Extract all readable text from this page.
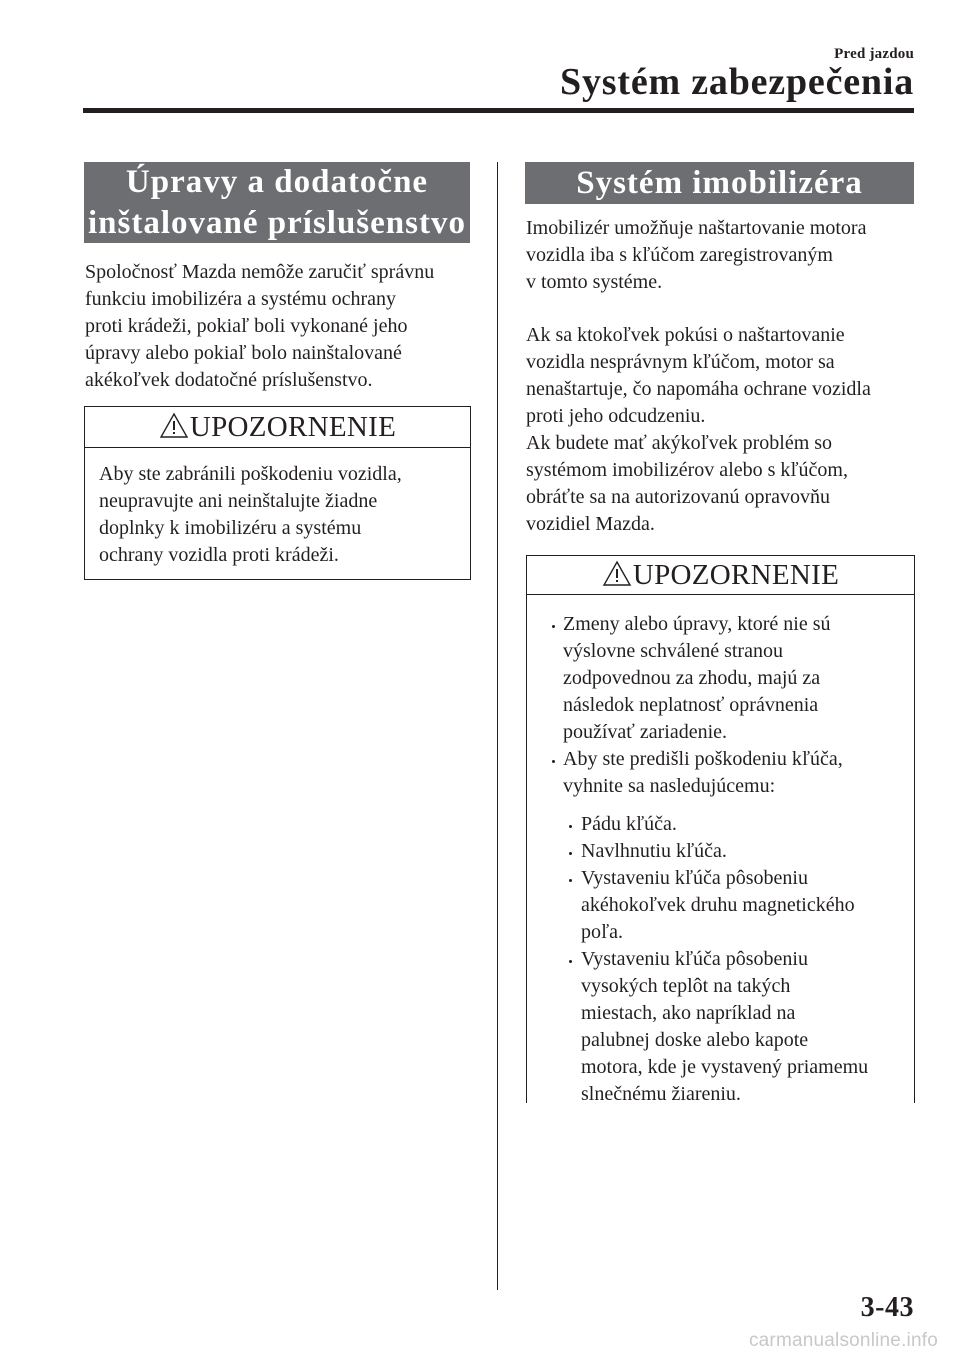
Pred jazdou
Systém zabezpečenia
Úpravy a dodatočne
inštalované príslušenstvo
Spoločnosť Mazda nemôže zaručiť správnu
funkciu imobilizéra a systému ochrany
proti krádeži, pokiaľ boli vykonané jeho
úpravy alebo pokiaľ bolo nainštalované
akékoľvek dodatočné príslušenstvo.
UPOZORNENIE
Aby ste zabránili poškodeniu vozidla,
neupravujte ani neinštalujte žiadne
doplnky k imobilizéru a systému
ochrany vozidla proti krádeži.
Systém imobilizéra
Imobilizér umožňuje naštartovanie motora
vozidla iba s kľúčom zaregistrovaným
v tomto systéme.
Ak sa ktokoľvek pokúsi o naštartovanie
vozidla nesprávnym kľúčom, motor sa
nenaštartuje, čo napomáha ochrane vozidla
proti jeho odcudzeniu.
Ak budete mať akýkoľvek problém so
systémom imobilizérov alebo s kľúčom,
obráťte sa na autorizovanú opravovňu
vozidiel Mazda.
UPOZORNENIE
Zmeny alebo úpravy, ktoré nie sú
výslovne schválené stranou
zodpovednou za zhodu, majú za
následok neplatnosť oprávnenia
používať zariadenie.
Aby ste predišli poškodeniu kľúča,
vyhnite sa nasledujúcemu:
Pádu kľúča.
Navlhnutiu kľúča.
Vystaveniu kľúča pôsobeniu
akéhokoľvek druhu magnetického
poľa.
Vystaveniu kľúča pôsobeniu
vysokých teplôt na takých
miestach, ako napríklad na
palubnej doske alebo kapote
motora, kde je vystavený priamemu
slnečnému žiareniu.
3-43
carmanualsonline.info
